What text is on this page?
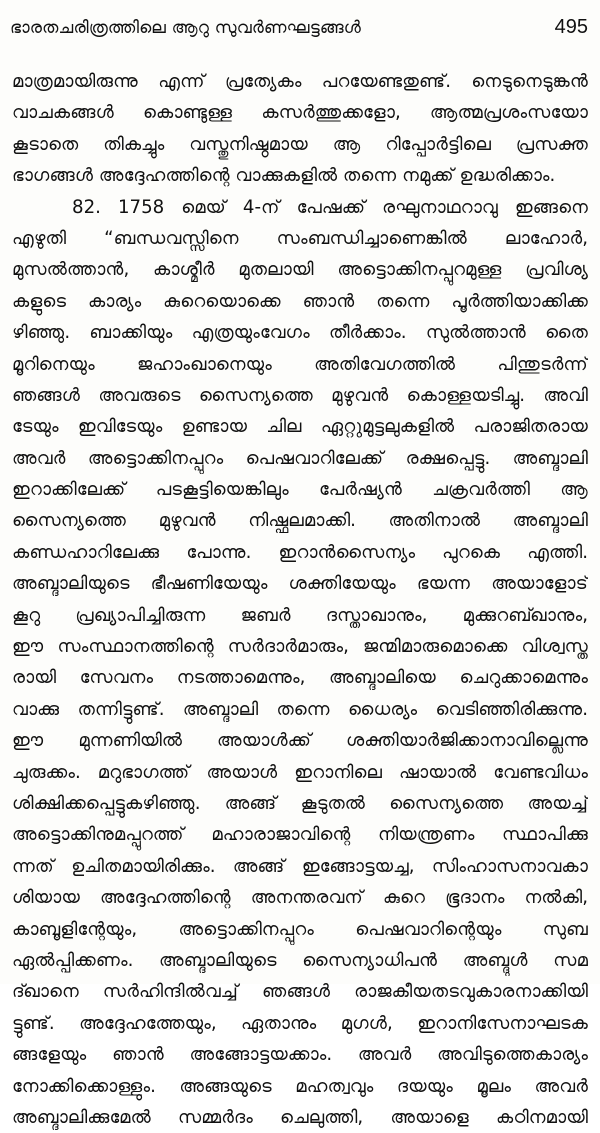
ഭാരതചരിത്രത്തിലെ ആറു സുവർണഘട്ടങ്ങൾ	495
മാത്രമായിരുന്നു എന്ന് പ്രത്യേകം പറയേണ്ടതുണ്ട്. നെടുനെടുങ്കൻ
വാചകങ്ങൾ കൊണ്ടുള്ള കസർത്തുക്കളോ, ആത്മപ്രശംസയോ
കൂടാതെ തികച്ചും വസ്തുനിഷ്ഠമായ ആ റിപ്പോർട്ടിലെ പ്രസക്ത
ഭാഗങ്ങൾ അദ്ദേഹത്തിന്റെ വാക്കുകളിൽ തന്നെ നമുക്ക് ഉദ്ധരിക്കാം.
82. 1758 മെയ് 4-ന് പേഷക്ക് രഘുനാഥറാവു ഇങ്ങനെ
എഴുതി “ബന്ധവസ്സിനെ സംബന്ധിച്ചാണെങ്കിൽ ലാഹോർ,
മുസൽത്താൻ, കാശ്മീർ മുതലായി അട്ടൊക്കിനപ്പുറമുള്ള പ്രവിശ്യ
കളുടെ കാര്യം കുറെയൊക്കെ ഞാൻ തന്നെ പൂർത്തിയാക്കിക്ക
ഴിഞ്ഞു. ബാക്കിയും എത്രയുംവേഗം തീർക്കാം. സുൽത്താൻ തൈ
മൂറിനെയും ജഹാംഖാനെയും അതിവേഗത്തിൽ പിന്തുടർന്ന്
ഞങ്ങൾ അവരുടെ സൈന്യത്തെ മുഴുവൻ കൊള്ളയടിച്ചു. അവി
ടേയും ഇവിടേയും ഉണ്ടായ ചില ഏറ്റുമുട്ടലുകളിൽ പരാജിതരായ
അവർ അട്ടൊക്കിനപ്പുറം പെഷവാറിലേക്ക് രക്ഷപ്പെട്ടു. അബ്ദാലി
ഇറാക്കിലേക്ക് പടകൂട്ടിയെങ്കിലും പേർഷ്യൻ ചക്രവർത്തി ആ
സൈന്യത്തെ മുഴുവൻ നിഷ്ഫലമാക്കി. അതിനാൽ അബ്ദാലി
കണ്ഡഹാറിലേക്കു പോന്നു. ഇറാൻസൈന്യം പുറകെ എത്തി.
അബ്ദാലിയുടെ ഭീഷണിയേയും ശക്തിയേയും ഭയന്ന അയാളോട്
കൂറു പ്രഖ്യാപിച്ചിരുന്ന ജബർ ദസ്താഖാനും, മുക്കുറബ്ഖാനും,
ഈ സംസ്ഥാനത്തിന്റെ സർദാർമാരും, ജന്മിമാരുമൊക്കെ വിശ്വസ്ത
രായി സേവനം നടത്താമെന്നും, അബ്ദാലിയെ ചെറുക്കാമെന്നും
വാക്കു തന്നിട്ടുണ്ട്. അബ്ദാലി തന്നെ ധൈര്യം വെടിഞ്ഞിരിക്കുന്നു.
ഈ മുന്നണിയിൽ അയാൾക്ക് ശക്തിയാർജിക്കാനാവില്ലെന്നു
ചുരുക്കം. മറുഭാഗത്ത് അയാൾ ഇറാനിലെ ഷായാൽ വേണ്ടവിധം
ശിക്ഷിക്കപ്പെട്ടുകഴിഞ്ഞു. അങ്ങ് കൂടുതൽ സൈന്യത്തെ അയച്ച്
അട്ടൊക്കിനുമപ്പുറത്ത് മഹാരാജാവിന്റെ നിയന്ത്രണം സ്ഥാപിക്കു
ന്നത് ഉചിതമായിരിക്കും. അങ്ങ് ഇങ്ങോട്ടയച്ച, സിംഹാസനാവകാ
ശിയായ അദ്ദേഹത്തിന്റെ അനന്തരവന് കുറെ ഭൂദാനം നൽകി,
കാബൂളിന്റേയും, അട്ടൊക്കിനപ്പുറം പെഷവാറിന്റെയും സുബ
ഏൽപ്പിക്കണം. അബ്ദാലിയുടെ സൈന്യാധിപൻ അബ്ദുൾ സമ
ദ്ഖാനെ സർഹിന്ദിൽവച്ച് ഞങ്ങൾ രാജകീയതടവുകാരനാക്കിയി
ട്ടുണ്ട്. അദ്ദേഹത്തേയും, ഏതാനും മുഗൾ, ഇറാനിസേനാഘടക
ങ്ങളേയും ഞാൻ അങ്ങോട്ടയക്കാം. അവർ അവിടുത്തെകാര്യം
നോക്കിക്കൊള്ളും. അങ്ങയുടെ മഹത്വവും ദയയും മൂലം അവർ
അബ്ദാലിക്കുമേൽ സമ്മർദം ചെലുത്തി, അയാളെ കഠിനമായി
